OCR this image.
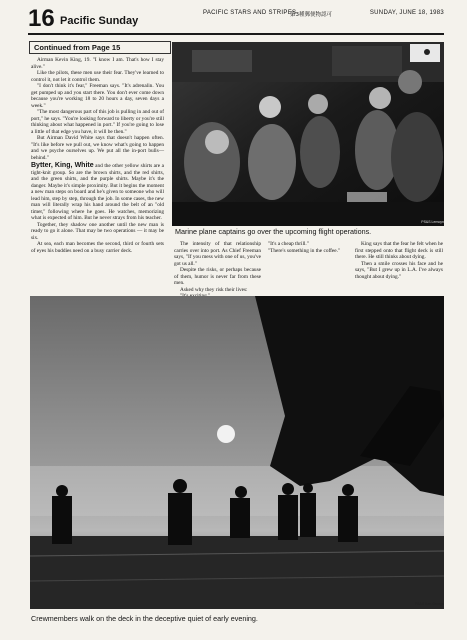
16 Pacific Sunday
PACIFIC STARS AND STRIPES
第3種郵便物認可	SUNDAY, JUNE 18, 1983
Continued from Page 15

Airman Kevin King, 19. "I know I am. That's how I stay alive."

Like the pilots, these men use their fear. They've learned to control it, not let it control them.

"I don't think it's fear," Freeman says. "It's adrenalin. You get pumped up and you start there. You don't ever come down because you're working 18 to 20 hours a day, seven days a week."

"The most dangerous part of this job is pulling in and out of port," he says. "You're looking forward to liberty or you're still thinking about what happened in port." If you're going to lose a little of that edge you have, it will be then."

But Airman David White says that doesn't happen often. "It's like before we pull out, we know what's going to happen and we psyche ourselves up. We put all the in-port bulls— behind."

Bytter, King, White and the other yellow shirts are a tight-knit group. So are the brown shirts, and the red shirts, and the green shirts, and the purple shirts. Maybe it's the danger. Maybe it's simple proximity. But it begins the moment a new man steps on board and he's given to someone who will lead him, step by step, through the job. In some cases, the new man will literally wrap his hand around the belt of an "old timer," following where he goes. He watches, memorizing what is expected of him. But he never strays from his teacher.

Together, they shadow one another until the new man is ready to go it alone. That may be two operations — it may be six.

At sea, each man becomes the second, third or fourth sets of eyes his buddies need on a busy carrier deck.

PS&S Lemoyn
Marine plane captains go over the upcoming flight operations.

The intensity of that relationship carries over into port. As Chief Freeman says, "If you mess with one of us, you've got us all."

Despite the risks, or perhaps because of them, humor is never far from these men.

Asked why they risk their lives:

"It's a cheap thrill."

"There's something in the coffee."

King says that the fear he felt when he first stepped onto that flight deck is still there. He still thinks about dying.

Then a smile crosses his face and he says, "But I grew up in L.A. I've always thought about dying."

PS&S Ken George
Crewmembers walk on the deck in the deceptive quiet of early evening.
